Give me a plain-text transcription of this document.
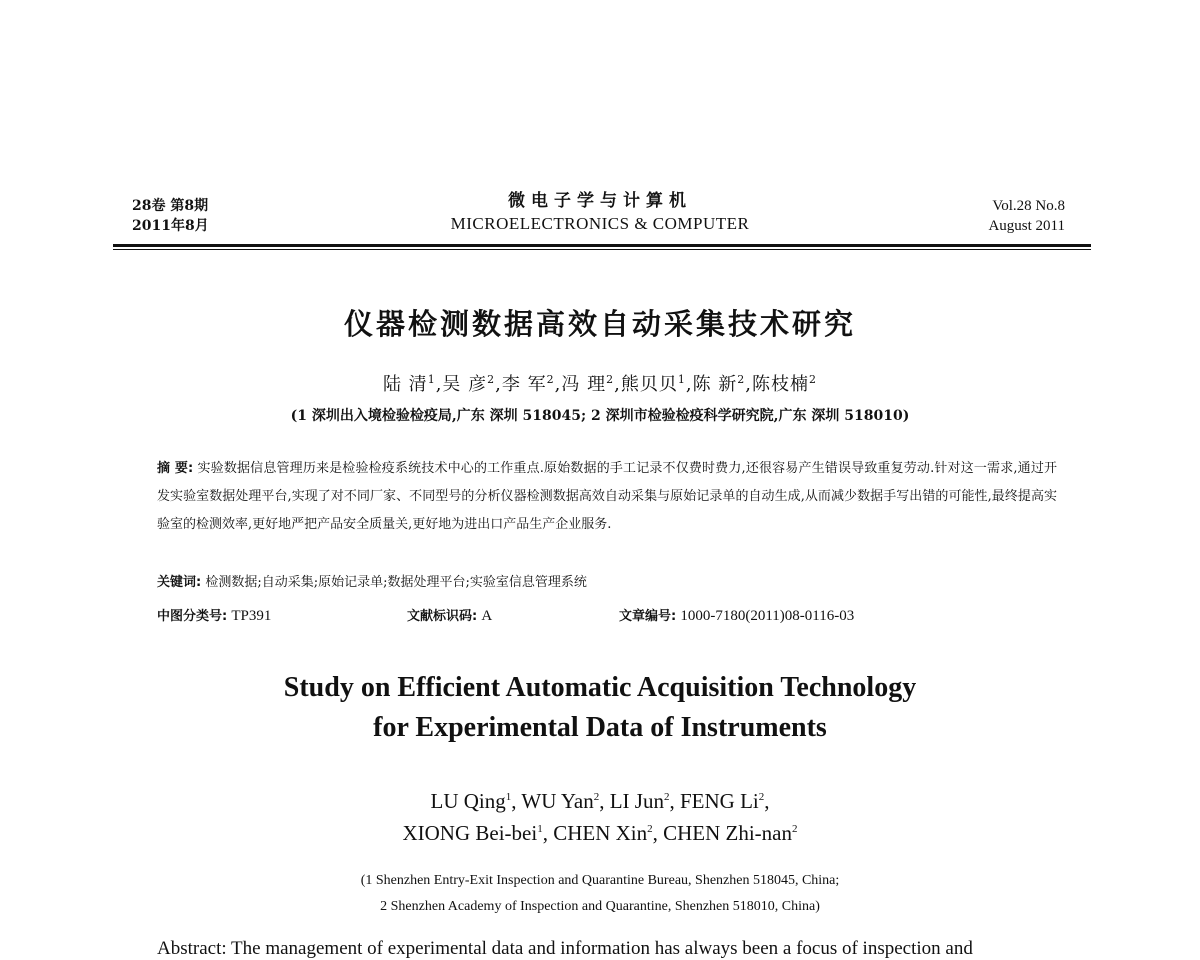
28卷 第8期
2011年8月
微电子学与计算机
MICROELECTRONICS & COMPUTER
Vol.28 No.8
August 2011
仪器检测数据高效自动采集技术研究
陆 清$^1$,吴 彦$^2$,李 军$^2$,冯 理$^2$,熊贝贝$^1$,陈 新$^2$,陈枝楠$^2$
(1 深圳出入境检验检疫局,广东 深圳 518045; 2 深圳市检验检疫科学研究院,广东 深圳 518010)
摘 要: 实验数据信息管理历来是检验检疫系统技术中心的工作重点.原始数据的手工记录不仅费时费力,还很容易产生错误导致重复劳动.针对这一需求,通过开发实验室数据处理平台,实现了对不同厂家、不同型号的分析仪器检测数据高效自动采集与原始记录单的自动生成,从而减少数据手写出错的可能性,最终提高实验室的检测效率,更好地严把产品安全质量关,更好地为进出口产品生产企业服务.
关键词: 检测数据;自动采集;原始记录单;数据处理平台;实验室信息管理系统
中图分类号: TP391	文献标识码: A	文章编号: 1000-7180(2011)08-0116-03
Study on Efficient Automatic Acquisition Technology
for Experimental Data of Instruments
LU Qing$^1$, WU Yan$^2$, LI Jun$^2$, FENG Li$^2$,
XIONG Bei-bei$^1$, CHEN Xin$^2$, CHEN Zhi-nan$^2$
(1 Shenzhen Entry-Exit Inspection and Quarantine Bureau, Shenzhen 518045, China;
2 Shenzhen Academy of Inspection and Quarantine, Shenzhen 518010, China)
Abstract: The management of experimental data and information has always been a focus of inspection and
